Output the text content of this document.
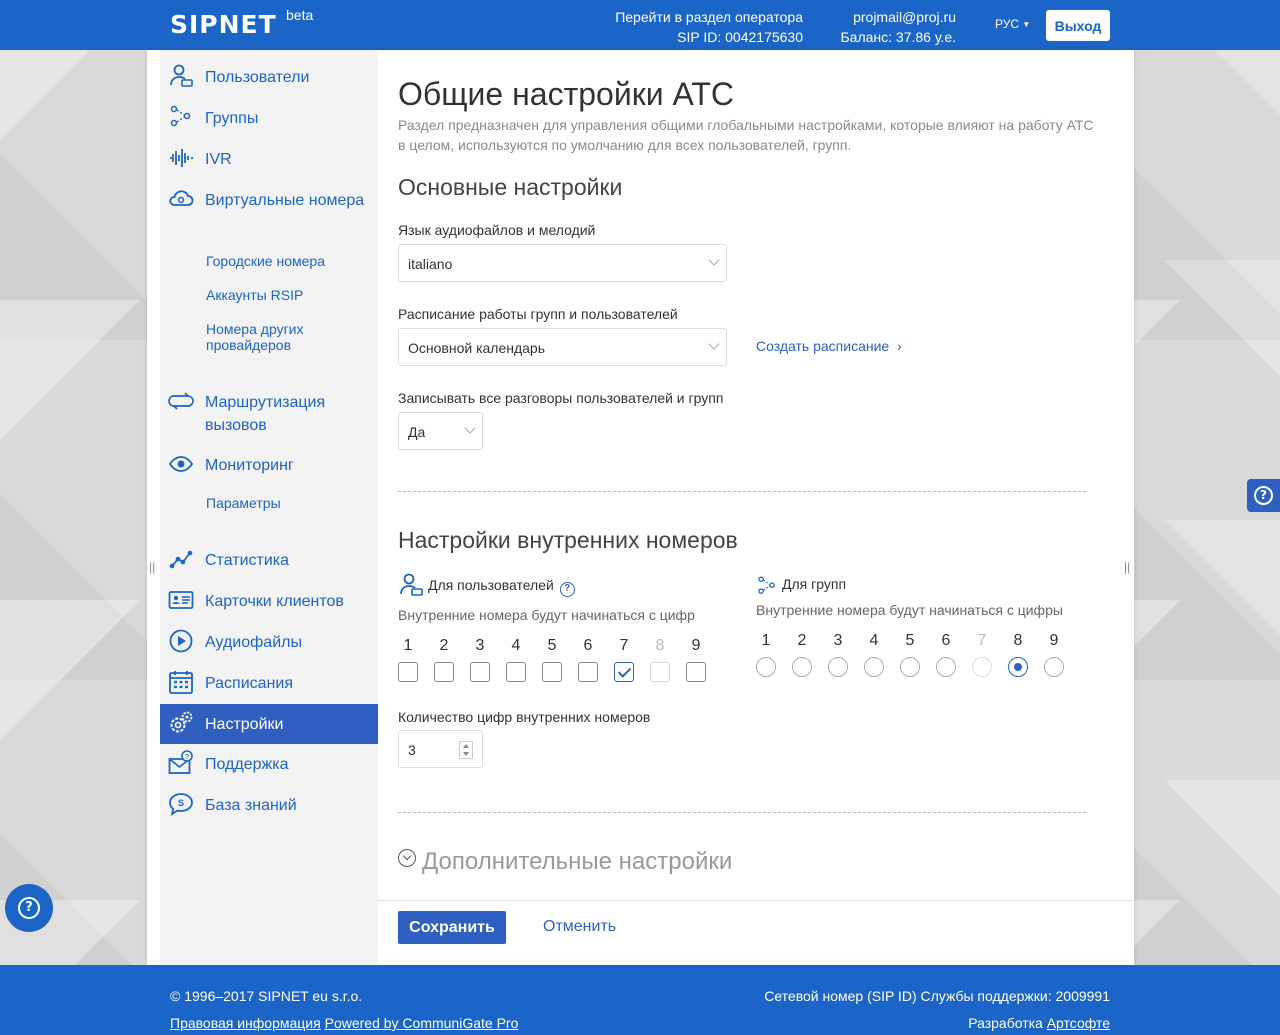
SIPNET beta	Перейти в раздел оператора
SIP ID: 0042175630
projmail@proj.ru
Баланс: 37.86 у.е.
РУС ▼	Выход
||	||
Пользователи
Группы
IVR
Виртуальные номера
Городские номера
Аккаунты RSIP
Номера других провайдеров
Маршрутизация вызовов
Мониторинг
Параметры
Статистика
Карточки клиентов
Аудиофайлы
Расписания
Настройки
? Поддержка
S База знаний
Общие настройки АТС

Раздел предназначен для управления общими глобальными настройками, которые влияют на работу АТС в целом, используются по умолчанию для всех пользователей, групп.

Основные настройки
Язык аудиофайлов и мелодий
italiano
Расписание работы групп и пользователей
Основной календарь	Создать расписание ›
Записывать все разговоры пользователей и групп
Да
Настройки внутренних номеров
Для пользователей ?
Внутренние номера будут начинаться с цифр
Для групп
Внутренние номера будут начинаться с цифры
Количество цифр внутренних номеров
3
Дополнительные настройки
Сохранить	Отменить
1	1
2	2
3	3
4	4
5	5
6	6
7	7
8	8
9	9
?
?
© 1996–2017 SIPNET eu s.r.o.
Правовая информация Powered by CommuniGate Pro
Сетевой номер (SIP ID) Службы поддержки: 2009991
Разработка Артсофте
